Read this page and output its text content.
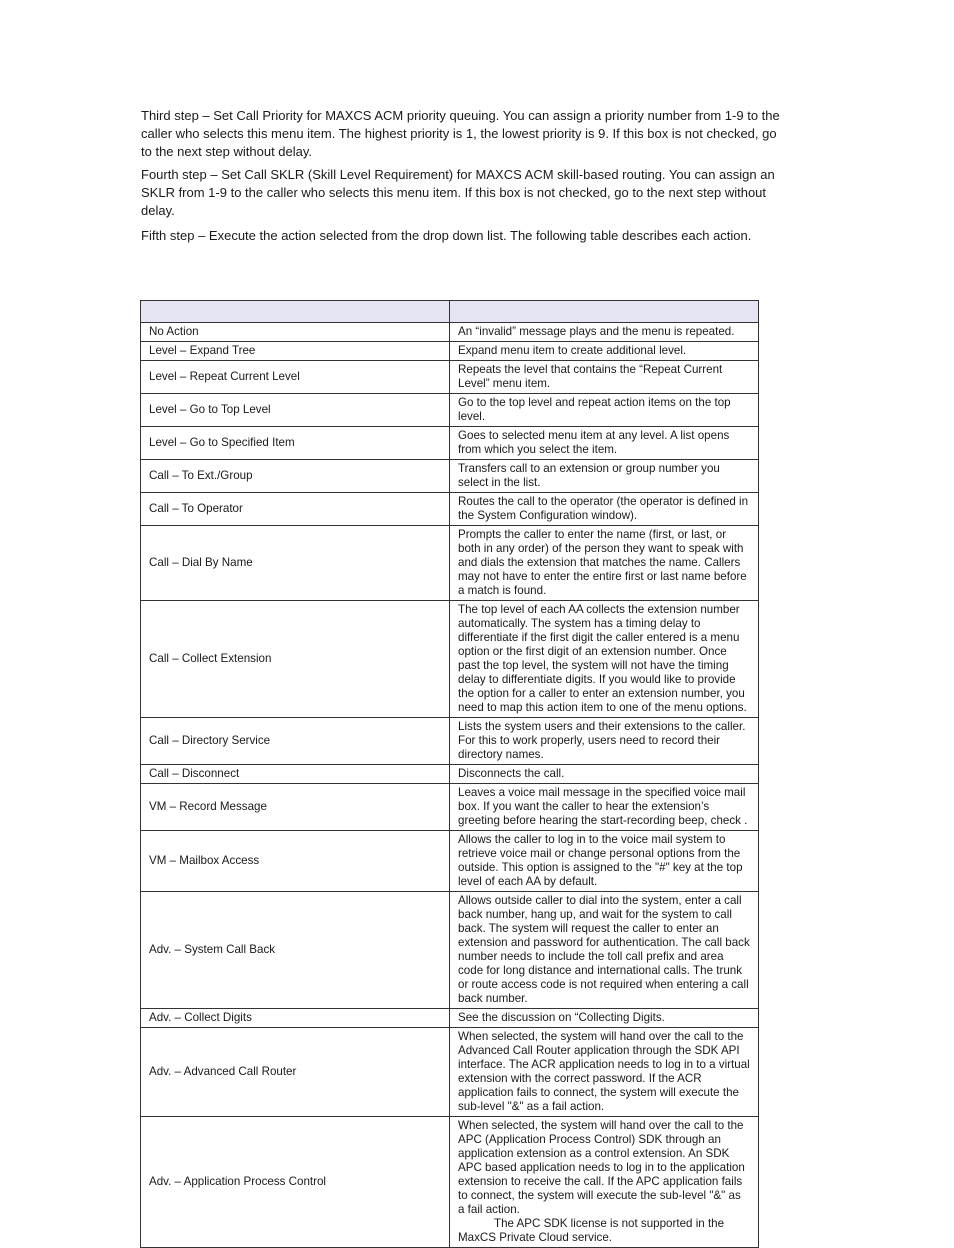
Third step – Set Call Priority for MAXCS ACM priority queuing. You can assign a priority number from 1-9 to the caller who selects this menu item. The highest priority is 1, the lowest priority is 9. If this box is not checked, go to the next step without delay.

Fourth step – Set Call SKLR (Skill Level Requirement) for MAXCS ACM skill-based routing. You can assign an SKLR from 1-9 to the caller who selects this menu item. If this box is not checked, go to the next step without delay.

Fifth step – Execute the action selected from the drop down list. The following table describes each action.

No Action	An “invalid” message plays and the menu is repeated.
Level – Expand Tree	Expand menu item to create additional level.
Level – Repeat Current Level	Repeats the level that contains the “Repeat Current Level” menu item.
Level – Go to Top Level	Go to the top level and repeat action items on the top level.
Level – Go to Specified Item	Goes to selected menu item at any level. A list opens from which you select the item.
Call – To Ext./Group	Transfers call to an extension or group number you select in the list.
Call – To Operator	Routes the call to the operator (the operator is defined in the System Configuration window).
Call – Dial By Name	Prompts the caller to enter the name (first, or last, or both in any order) of the person they want to speak with and dials the extension that matches the name. Callers may not have to enter the entire first or last name before a match is found.
Call – Collect Extension	The top level of each AA collects the extension number automatically. The system has a timing delay to differentiate if the first digit the caller entered is a menu option or the first digit of an extension number. Once past the top level, the system will not have the timing delay to differentiate digits. If you would like to provide the option for a caller to enter an extension number, you need to map this action item to one of the menu options.
Call – Directory Service	Lists the system users and their extensions to the caller. For this to work properly, users need to record their directory names.
Call – Disconnect	Disconnects the call.
VM – Record Message	Leaves a voice mail message in the specified voice mail box. If you want the caller to hear the extension’s greeting before hearing the start-recording beep, check .
VM – Mailbox Access	Allows the caller to log in to the voice mail system to retrieve voice mail or change personal options from the outside. This option is assigned to the "#" key at the top level of each AA by default.
Adv. – System Call Back	Allows outside caller to dial into the system, enter a call back number, hang up, and wait for the system to call back. The system will request the caller to enter an extension and password for authentication. The call back number needs to include the toll call prefix and area code for long distance and international calls. The trunk or route access code is not required when entering a call back number.
Adv. – Collect Digits	See the discussion on “Collecting Digits.
Adv. – Advanced Call Router	When selected, the system will hand over the call to the Advanced Call Router application through the SDK API interface. The ACR application needs to log in to a virtual extension with the correct password. If the ACR application fails to connect, the system will execute the sub-level "&" as a fail action.
Adv. – Application Process Control	When selected, the system will hand over the call to the APC (Application Process Control) SDK through an application extension as a control extension. An SDK APC based application needs to log in to the application extension to receive the call. If the APC application fails to connect, the system will execute the sub-level "&" as a fail action.
The APC SDK license is not supported in the MaxCS Private Cloud service.
